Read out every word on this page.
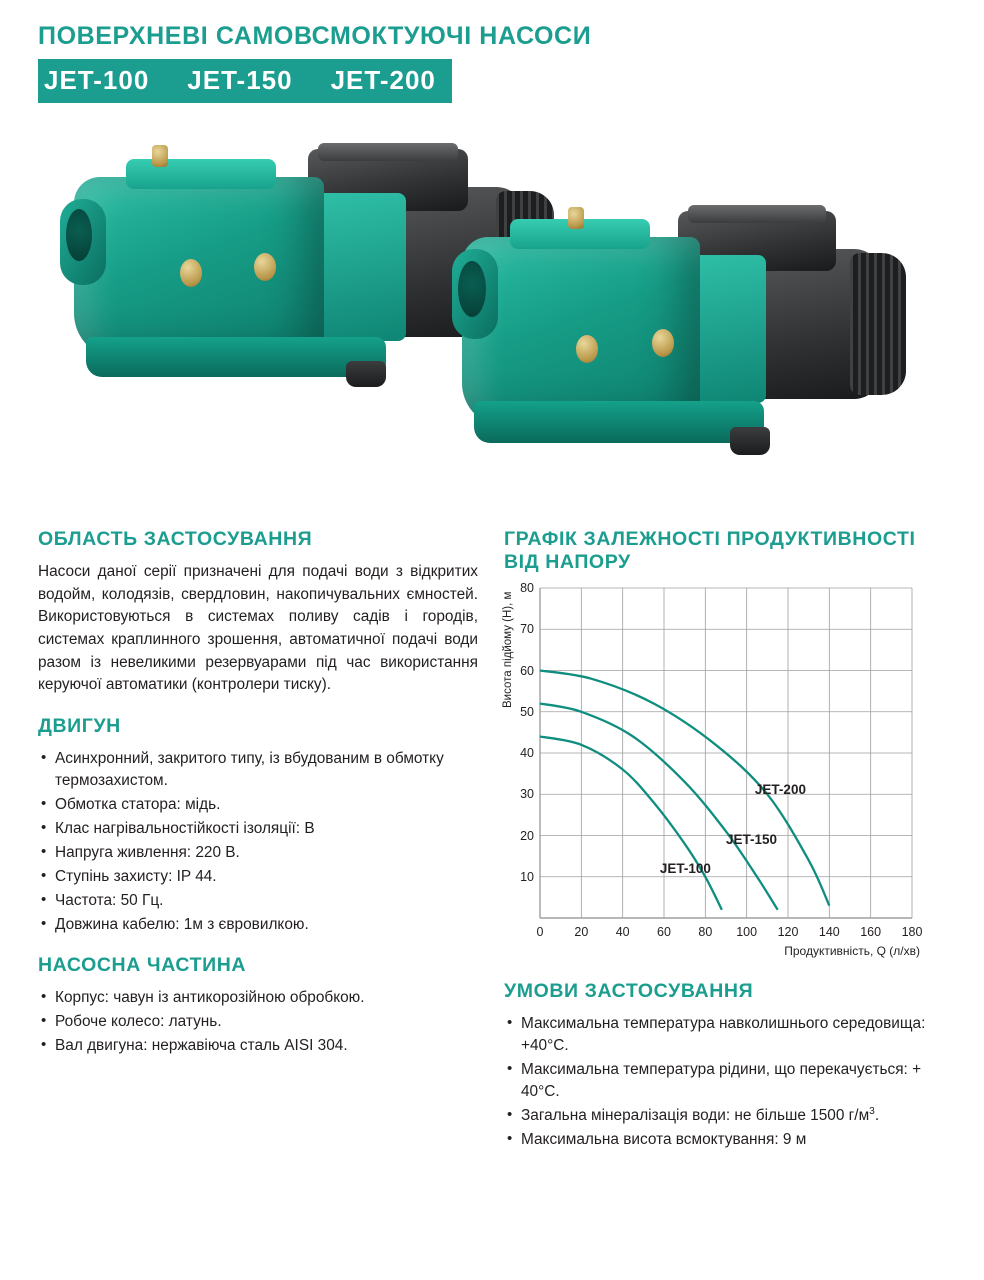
ПОВЕРХНЕВІ САМОВСМОКТУЮЧІ НАСОСИ
JET-100 JET-150 JET-200
ОБЛАСТЬ ЗАСТОСУВАННЯ

Насоси даної серії призначені для подачі води з відкритих водойм, колодязів, свердловин, накопичувальних ємностей. Використовуються в системах поливу садів і городів, системах краплинного зрошення, автоматичної подачі води разом із невеликими резервуарами під час використання керуючої автоматики (контролери тиску).

ДВИГУН
• Асинхронний, закритого типу, із вбудованим в обмотку термозахистом.
• Обмотка статора: мідь.
• Клас нагрівальностійкості ізоляції: В
• Напруга живлення: 220 В.
• Ступінь захисту: IP 44.
• Частота: 50 Гц.
• Довжина кабелю: 1м з євровилкою.
НАСОСНА ЧАСТИНА
• Корпус: чавун із антикорозійною обробкою.
• Робоче колесо: латунь.
• Вал двигуна: нержавіюча сталь AISI 304.
ГРАФІК ЗАЛЕЖНОСТІ ПРОДУКТИВНОСТІ ВІД НАПОРУ
Висота підйому (Н), м
10
20
30
40
50
60
70
80
0 20 40 60 80 100 120 140 160 180
JET-100
JET-150
JET-200
Продуктивність, Q (л/хв)
УМОВИ ЗАСТОСУВАННЯ
• Максимальна температура навколишнього середовища: +40°С.
• Максимальна температура рідини, що перекачується: + 40°С.
• Загальна мінералізація води: не більше 1500 $г/м^3$.
• Максимальна висота всмоктування: 9 м
